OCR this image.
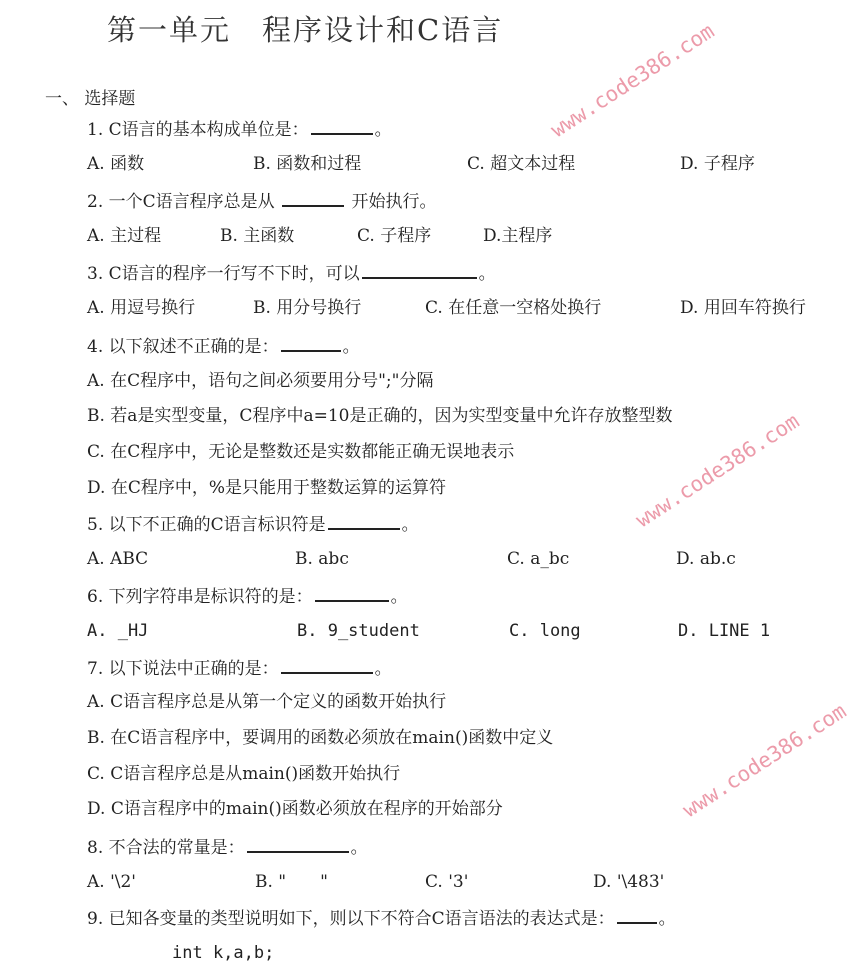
第一单元　程序设计和C语言
一、 选择题
1. C语言的基本构成单位是：	。
A. 函数	B. 函数和过程	C. 超文本过程	D. 子程序
2. 一个C语言程序总是从	开始执行。
A. 主过程	B. 主函数	C. 子程序	D.主程序
3. C语言的程序一行写不下时，可以	。
A. 用逗号换行	B. 用分号换行	C. 在任意一空格处换行	D. 用回车符换行
4. 以下叙述不正确的是：	。
A. 在C程序中，语句之间必须要用分号";"分隔
B. 若a是实型变量，C程序中a=10是正确的，因为实型变量中允许存放整型数
C. 在C程序中，无论是整数还是实数都能正确无误地表示
D. 在C程序中，%是只能用于整数运算的运算符
5. 以下不正确的C语言标识符是	。
A. ABC	B. abc	C. a_bc	D. ab.c
6. 下列字符串是标识符的是：	。
A. _HJ	B. 9_student	C. long	D. LINE 1
7. 以下说法中正确的是：	。
A. C语言程序总是从第一个定义的函数开始执行
B. 在C语言程序中，要调用的函数必须放在main()函数中定义
C. C语言程序总是从main()函数开始执行
D. C语言程序中的main()函数必须放在程序的开始部分
8. 不合法的常量是：	。
A. '\2'	B. "　　"	C. '3'	D. '\483'
9. 已知各变量的类型说明如下，则以下不符合C语言语法的表达式是：	。
int k,a,b;
www.code386.com
www.code386.com
www.code386.com
